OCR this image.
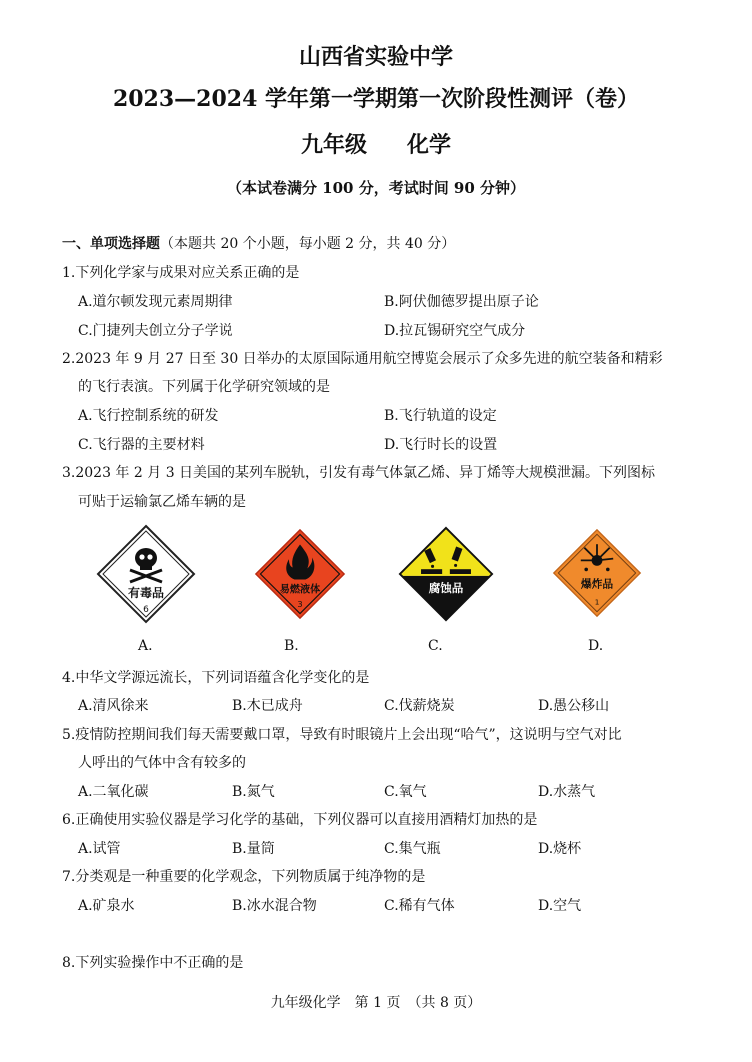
山西省实验中学
2023—2024 学年第一学期第一次阶段性测评（卷）
九年级 化学
（本试卷满分 100 分，考试时间 90 分钟）
一、单项选择题（本题共 20 个小题，每小题 2 分，共 40 分）
1.下列化学家与成果对应关系正确的是
A.道尔顿发现元素周期律	B.阿伏伽德罗提出原子论
C.门捷列夫创立分子学说	D.拉瓦锡研究空气成分
2.2023 年 9 月 27 日至 30 日举办的太原国际通用航空博览会展示了众多先进的航空装备和精彩
的飞行表演。下列属于化学研究领域的是
A.飞行控制系统的研发	B.飞行轨道的设定
C.飞行器的主要材料	D.飞行时长的设置
3.2023 年 2 月 3 日美国的某列车脱轨，引发有毒气体氯乙烯、异丁烯等大规模泄漏。下列图标
可贴于运输氯乙烯车辆的是
有毒品
6
易燃液体
3
腐蚀品	爆炸品
1
A.	B.	C.	D.
4.中华文学源远流长，下列词语蕴含化学变化的是
A.清风徐来	B.木已成舟	C.伐薪烧炭	D.愚公移山
5.疫情防控期间我们每天需要戴口罩，导致有时眼镜片上会出现“哈气”，这说明与空气对比
人呼出的气体中含有较多的
A.二氧化碳	B.氮气	C.氧气	D.水蒸气
6.正确使用实验仪器是学习化学的基础，下列仪器可以直接用酒精灯加热的是
A.试管	B.量筒	C.集气瓶	D.烧杯
7.分类观是一种重要的化学观念，下列物质属于纯净物的是
A.矿泉水	B.冰水混合物	C.稀有气体	D.空气
8.下列实验操作中不正确的是
九年级化学　第 1 页　（共 8 页）
